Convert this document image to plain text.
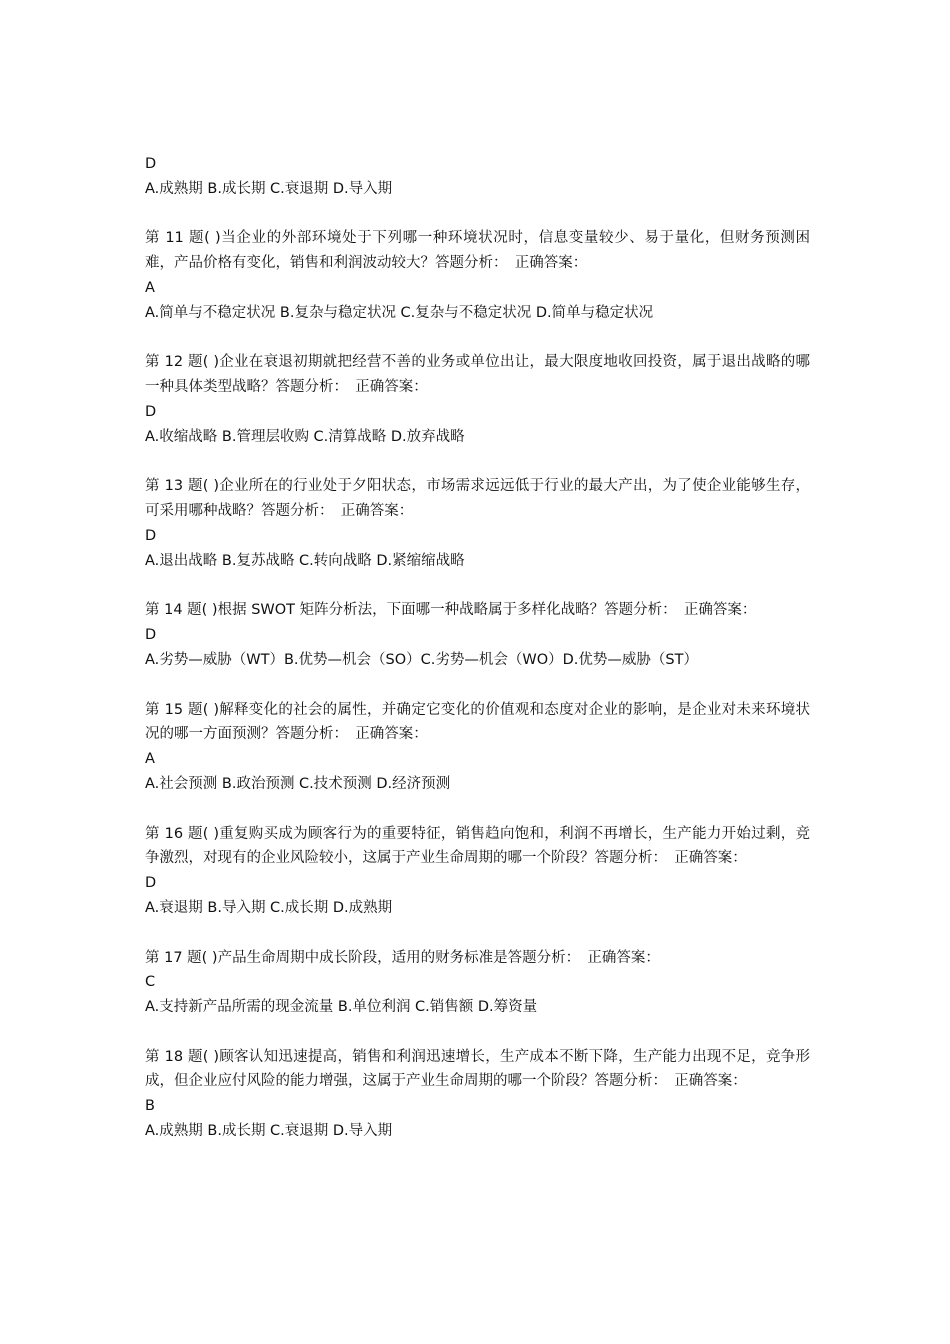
D
A.成熟期 B.成长期 C.衰退期 D.导入期
第 11 题( )当企业的外部环境处于下列哪一种环境状况时，信息变量较少、易于量化，但财务预测困难，产品价格有变化，销售和利润波动较大？答题分析：　正确答案：
A
A.简单与不稳定状况 B.复杂与稳定状况 C.复杂与不稳定状况 D.简单与稳定状况
第 12 题( )企业在衰退初期就把经营不善的业务或单位出让，最大限度地收回投资，属于退出战略的哪一种具体类型战略？答题分析：　正确答案：
D
A.收缩战略 B.管理层收购 C.清算战略 D.放弃战略
第 13 题( )企业所在的行业处于夕阳状态，市场需求远远低于行业的最大产出，为了使企业能够生存，可采用哪种战略？答题分析：　正确答案：
D
A.退出战略 B.复苏战略 C.转向战略 D.紧缩缩战略
第 14 题( )根据 SWOT 矩阵分析法，下面哪一种战略属于多样化战略？答题分析：　正确答案：
D
A.劣势—威胁（WT）B.优势—机会（SO）C.劣势—机会（WO）D.优势—威胁（ST）
第 15 题( )解释变化的社会的属性，并确定它变化的价值观和态度对企业的影响，是企业对未来环境状况的哪一方面预测？答题分析：　正确答案：
A
A.社会预测 B.政治预测 C.技术预测 D.经济预测
第 16 题( )重复购买成为顾客行为的重要特征，销售趋向饱和，利润不再增长，生产能力开始过剩，竞争激烈，对现有的企业风险较小，这属于产业生命周期的哪一个阶段？答题分析：　正确答案：
D
A.衰退期 B.导入期 C.成长期 D.成熟期
第 17 题( )产品生命周期中成长阶段，适用的财务标准是答题分析：　正确答案：
C
A.支持新产品所需的现金流量 B.单位利润 C.销售额 D.筹资量
第 18 题( )顾客认知迅速提高，销售和利润迅速增长，生产成本不断下降，生产能力出现不足，竞争形成，但企业应付风险的能力增强，这属于产业生命周期的哪一个阶段？答题分析：　正确答案：
B
A.成熟期 B.成长期 C.衰退期 D.导入期
